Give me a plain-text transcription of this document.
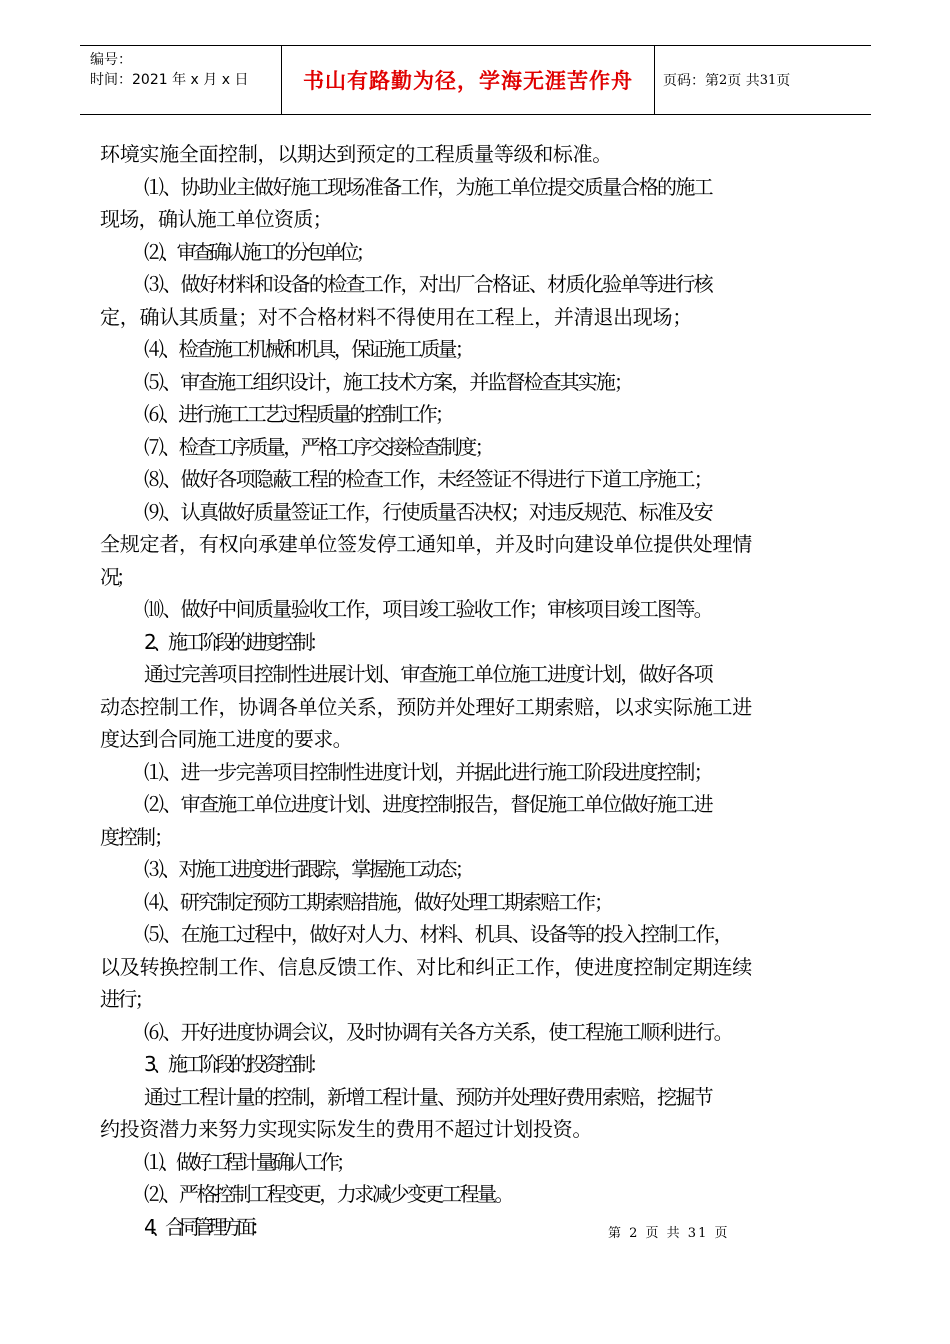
编号：
时间：2021 年 x 月 x 日	书山有路勤为径，学海无涯苦作舟 页码：第 2 页 共 31 页
环境实施全面控制，以期达到预定的工程质量等级和标准。
⑴、协助业主做好施工现场准备工作，为施工单位提交质量合格的施工
现场，确认施工单位资质；
⑵、审查确认施工的分包单位；
⑶、做好材料和设备的检查工作，对出厂合格证、材质化验单等进行核
定，确认其质量；对不合格材料不得使用在工程上，并清退出现场；
⑷、检查施工机械和机具，保证施工质量；
⑸、审查施工组织设计，施工技术方案，并监督检查其实施；
⑹、进行施工工艺过程质量的控制工作；
⑺、检查工序质量，严格工序交接检查制度；
⑻、做好各项隐蔽工程的检查工作，未经签证不得进行下道工序施工；
⑼、认真做好质量签证工作，行使质量否决权；对违反规范、标准及安
全规定者，有权向承建单位签发停工通知单，并及时向建设单位提供处理情
况；
⑽、做好中间质量验收工作，项目竣工验收工作；审核项目竣工图等。
2、施工阶段的进度控制：
通过完善项目控制性进展计划、审查施工单位施工进度计划，做好各项
动态控制工作，协调各单位关系，预防并处理好工期索赔，以求实际施工进
度达到合同施工进度的要求。
⑴、进一步完善项目控制性进度计划，并据此进行施工阶段进度控制；
⑵、审查施工单位进度计划、进度控制报告，督促施工单位做好施工进
度控制；
⑶、对施工进度进行跟踪，掌握施工动态；
⑷、研究制定预防工期索赔措施，做好处理工期索赔工作；
⑸、在施工过程中，做好对人力、材料、机具、设备等的投入控制工作，
以及转换控制工作、信息反馈工作、对比和纠正工作，使进度控制定期连续
进行；
⑹、开好进度协调会议，及时协调有关各方关系，使工程施工顺利进行。
3、施工阶段的投资控制：
通过工程计量的控制，新增工程计量、预防并处理好费用索赔，挖掘节
约投资潜力来努力实现实际发生的费用不超过计划投资。
⑴、做好工程计量确认工作；
⑵、严格控制工程变更，力求减少变更工程量。
4、合同管理方面：	第 2 页 共 31 页
